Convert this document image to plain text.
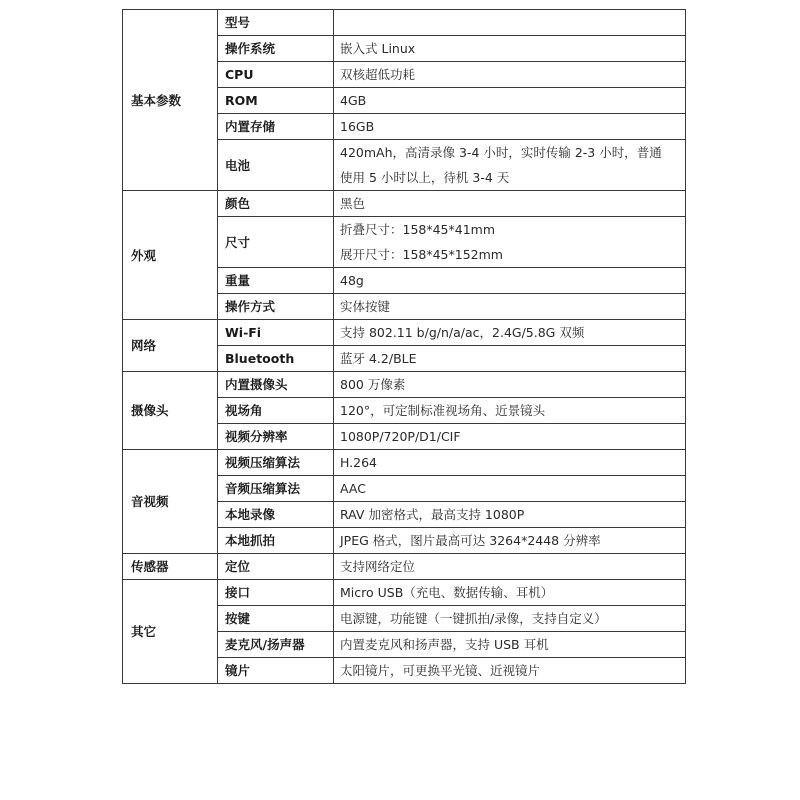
基本参数	型号	
	操作系统	嵌入式 Linux
	CPU	双核超低功耗
	ROM	4GB
	内置存储	16GB
	电池	420mAh，高清录像 3-4 小时，实时传输 2-3 小时，普通
使用 5 小时以上，待机 3-4 天

外观	颜色	黑色
	尺寸	折叠尺寸：158*45*41mm
展开尺寸：158*45*152mm

	重量	48g
	操作方式	实体按键
网络	Wi-Fi	支持 802.11 b/g/n/a/ac，2.4G/5.8G 双频
	Bluetooth	蓝牙 4.2/BLE
摄像头	内置摄像头	800 万像素
	视场角	120°，可定制标准视场角、近景镜头
	视频分辨率	1080P/720P/D1/CIF
音视频	视频压缩算法	H.264
	音频压缩算法	AAC
	本地录像	RAV 加密格式，最高支持 1080P
	本地抓拍	JPEG 格式，图片最高可达 3264*2448 分辨率
传感器	定位	支持网络定位
其它	接口	Micro USB（充电、数据传输、耳机）
	按键	电源键，功能键（一键抓拍/录像，支持自定义）
	麦克风/扬声器	内置麦克风和扬声器，支持 USB 耳机
	镜片	太阳镜片，可更换平光镜、近视镜片
